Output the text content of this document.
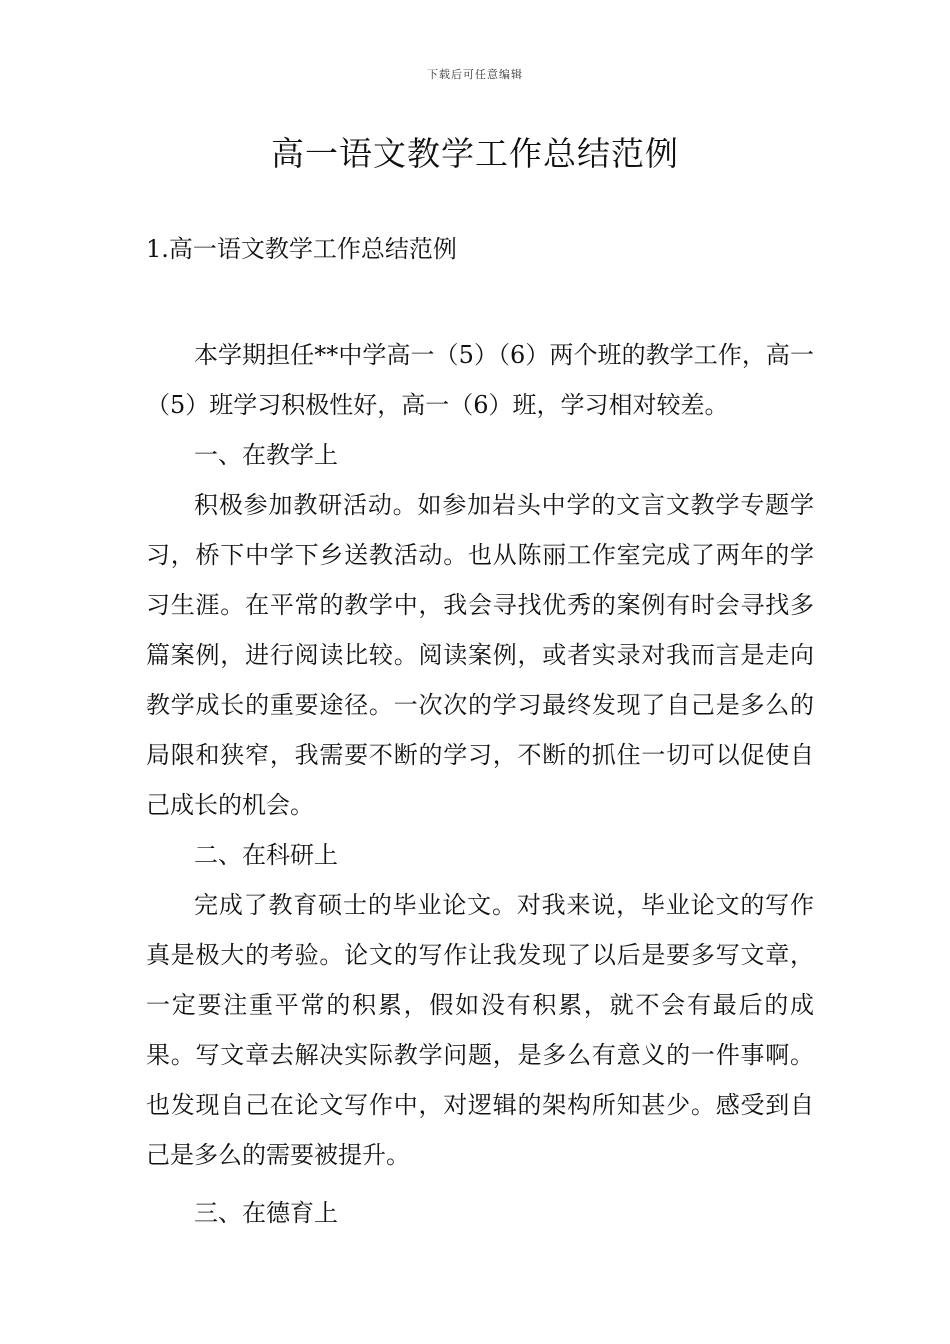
下载后可任意编辑
高一语文教学工作总结范例
1.高一语文教学工作总结范例

本学期担任**中学高一（5）（6）两个班的教学工作，高一（5）班学习积极性好，高一（6）班，学习相对较差。

一、在教学上

积极参加教研活动。如参加岩头中学的文言文教学专题学习，桥下中学下乡送教活动。也从陈丽工作室完成了两年的学习生涯。在平常的教学中，我会寻找优秀的案例有时会寻找多篇案例，进行阅读比较。阅读案例，或者实录对我而言是走向教学成长的重要途径。一次次的学习最终发现了自己是多么的局限和狭窄，我需要不断的学习，不断的抓住一切可以促使自己成长的机会。

二、在科研上

完成了教育硕士的毕业论文。对我来说，毕业论文的写作真是极大的考验。论文的写作让我发现了以后是要多写文章，一定要注重平常的积累，假如没有积累，就不会有最后的成果。写文章去解决实际教学问题，是多么有意义的一件事啊。也发现自己在论文写作中，对逻辑的架构所知甚少。感受到自己是多么的需要被提升。

三、在德育上
